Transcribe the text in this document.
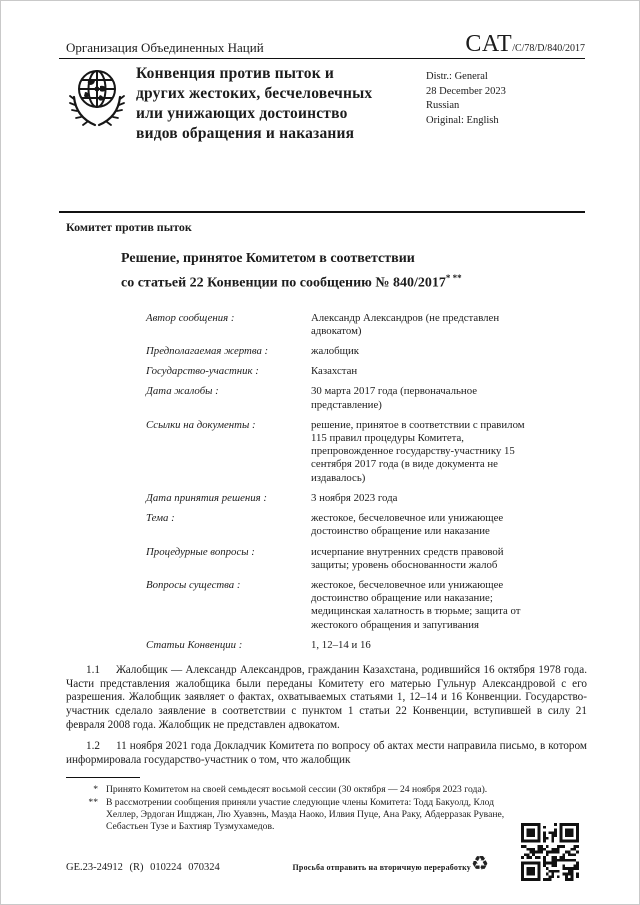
Организация Объединенных Наций	CAT/C/78/D/840/2017
Конвенция против пыток и
других жестоких, бесчеловечных
или унижающих достоинство
видов обращения и наказания
Distr.: General
28 December 2023
Russian
Original: English
Комитет против пыток
Решение, принятое Комитетом в соответствии
со статьей 22 Конвенции по сообщению № 840/2017* **
Автор сообщения :	Александр Александров (не представлен адвокатом)
Предполагаемая жертва :	жалобщик
Государство-участник :	Казахстан
Дата жалобы :	30 марта 2017 года (первоначальное представление)
Ссылки на документы :	решение, принятое в соответствии с правилом 115 правил процедуры Комитета, препровожденное государству-участнику 15 сентября 2017 года (в виде документа не издавалось)
Дата принятия решения :	3 ноября 2023 года
Тема :	жестокое, бесчеловечное или унижающее достоинство обращение или наказание
Процедурные вопросы :	исчерпание внутренних средств правовой защиты; уровень обоснованности жалоб
Вопросы существа :	жестокое, бесчеловечное или унижающее достоинство обращение или наказание; медицинская халатность в тюрьме; защита от жестокого обращения и запугивания
Статьи Конвенции :	1, 12–14 и 16

1.1 Жалобщик — Александр Александров, гражданин Казахстана, родившийся 16 октября 1978 года. Части представления жалобщика были переданы Комитету его матерью Гульнур Александровой с его разрешения. Жалобщик заявляет о фактах, охватываемых статьями 1, 12–14 и 16 Конвенции. Государство-участник сделало заявление в соответствии с пунктом 1 статьи 22 Конвенции, вступившей в силу 21 февраля 2008 года. Жалобщик не представлен адвокатом.

1.2 11 ноября 2021 года Докладчик Комитета по вопросу об актах мести направила письмо, в котором информировала государство-участник о том, что жалобщик

* Принято Комитетом на своей семьдесят восьмой сессии (30 октября — 24 ноября 2023 года).
** В рассмотрении сообщения приняли участие следующие члены Комитета: Тодд Бакуолд, Клод Хеллер, Эрдоган Ишджан, Лю Хуавэнь, Маэда Наоко, Илвия Пуце, Ана Раку, Абдерразак Руване, Себастьен Тузе и Бахтияр Тузмухамедов.
GE.23-24912 (R) 010224 070324	Просьба отправить на вторичную переработку ♻
